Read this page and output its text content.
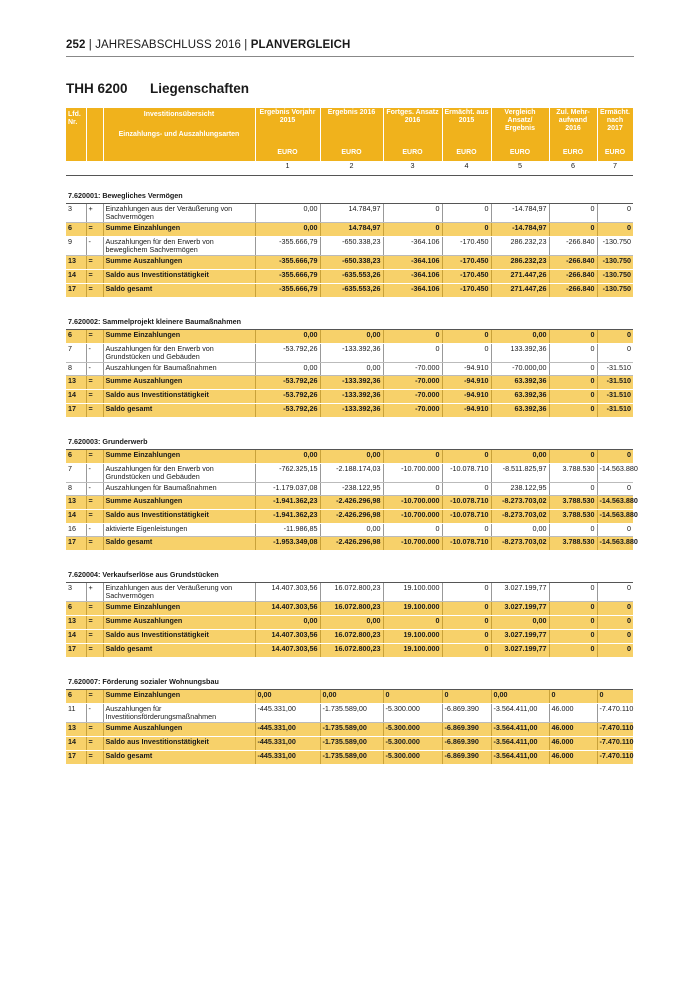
252 | JAHRESABSCHLUSS 2016 | PLANVERGLEICH
THH 6200 Liegenschaften
Lfd. Nr.		Investitionsübersicht
Einzahlungs- und Auszahlungsarten	Ergebnis Vorjahr 2015	Ergebnis 2016	Fortges. Ansatz 2016	Ermächt. aus 2015	Vergleich Ansatz/ Ergebnis	Zul. Mehr- aufwand 2016	Ermächt. nach 2017
			EURO	EURO	EURO	EURO	EURO	EURO	EURO
			1	2	3	4	5	6	7

7.620001: Bewegliches Vermögen									
3	+	Einzahlungen aus der Veräußerung von Sachvermögen	0,00	14.784,97	0	0	-14.784,97	0	0
6	=	Summe Einzahlungen	0,00	14.784,97	0	0	-14.784,97	0	0
9	-	Auszahlungen für den Erwerb von beweglichem Sachvermögen	-355.666,79	-650.338,23	-364.106	-170.450	286.232,23	-266.840	-130.750
13	=	Summe Auszahlungen	-355.666,79	-650.338,23	-364.106	-170.450	286.232,23	-266.840	-130.750
14	=	Saldo aus Investitionstätigkeit	-355.666,79	-635.553,26	-364.106	-170.450	271.447,26	-266.840	-130.750
17	=	Saldo gesamt	-355.666,79	-635.553,26	-364.106	-170.450	271.447,26	-266.840	-130.750

7.620002: Sammelprojekt kleinere Baumaßnahmen									
6	=	Summe Einzahlungen	0,00	0,00	0	0	0,00	0	0
7	-	Auszahlungen für den Erwerb von Grundstücken und Gebäuden	-53.792,26	-133.392,36	0	0	133.392,36	0	0
8	-	Auszahlungen für Baumaßnahmen	0,00	0,00	-70.000	-94.910	-70.000,00	0	-31.510
13	=	Summe Auszahlungen	-53.792,26	-133.392,36	-70.000	-94.910	63.392,36	0	-31.510
14	=	Saldo aus Investitionstätigkeit	-53.792,26	-133.392,36	-70.000	-94.910	63.392,36	0	-31.510
17	=	Saldo gesamt	-53.792,26	-133.392,36	-70.000	-94.910	63.392,36	0	-31.510

7.620003: Grunderwerb									
6	=	Summe Einzahlungen	0,00	0,00	0	0	0,00	0	0
7	-	Auszahlungen für den Erwerb von Grundstücken und Gebäuden	-762.325,15	-2.188.174,03	-10.700.000	-10.078.710	-8.511.825,97	3.788.530	-14.563.880
8	-	Auszahlungen für Baumaßnahmen	-1.179.037,08	-238.122,95	0	0	238.122,95	0	0
13	=	Summe Auszahlungen	-1.941.362,23	-2.426.296,98	-10.700.000	-10.078.710	-8.273.703,02	3.788.530	-14.563.880
14	=	Saldo aus Investitionstätigkeit	-1.941.362,23	-2.426.296,98	-10.700.000	-10.078.710	-8.273.703,02	3.788.530	-14.563.880
16	-	aktivierte Eigenleistungen	-11.986,85	0,00	0	0	0,00	0	0
17	=	Saldo gesamt	-1.953.349,08	-2.426.296,98	-10.700.000	-10.078.710	-8.273.703,02	3.788.530	-14.563.880

7.620004: Verkaufserlöse aus Grundstücken									
3	+	Einzahlungen aus der Veräußerung von Sachvermögen	14.407.303,56	16.072.800,23	19.100.000	0	3.027.199,77	0	0
6	=	Summe Einzahlungen	14.407.303,56	16.072.800,23	19.100.000	0	3.027.199,77	0	0
13	=	Summe Auszahlungen	0,00	0,00	0	0	0,00	0	0
14	=	Saldo aus Investitionstätigkeit	14.407.303,56	16.072.800,23	19.100.000	0	3.027.199,77	0	0
17	=	Saldo gesamt	14.407.303,56	16.072.800,23	19.100.000	0	3.027.199,77	0	0

7.620007: Förderung sozialer Wohnungsbau									
6	=	Summe Einzahlungen	0,00	0,00	0	0	0,00	0	0
11	-	Auszahlungen für Investitionsförderungsmaßnahmen	-445.331,00	-1.735.589,00	-5.300.000	-6.869.390	-3.564.411,00	46.000	-7.470.110
13	=	Summe Auszahlungen	-445.331,00	-1.735.589,00	-5.300.000	-6.869.390	-3.564.411,00	46.000	-7.470.110
14	=	Saldo aus Investitionstätigkeit	-445.331,00	-1.735.589,00	-5.300.000	-6.869.390	-3.564.411,00	46.000	-7.470.110
17	=	Saldo gesamt	-445.331,00	-1.735.589,00	-5.300.000	-6.869.390	-3.564.411,00	46.000	-7.470.110
